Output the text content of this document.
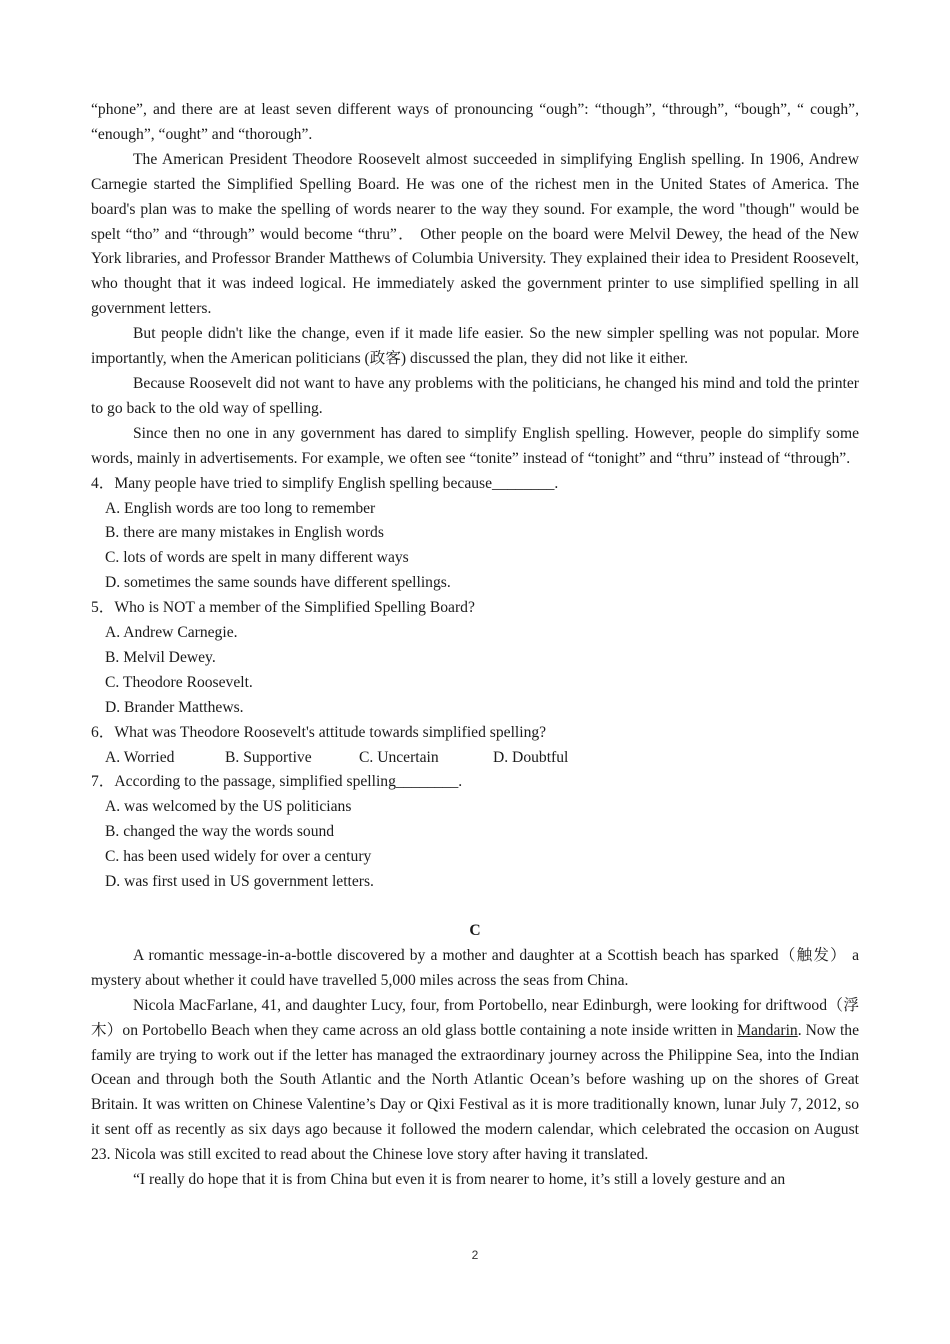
“phone”, and there are at least seven different ways of pronouncing “ough”: “though”, “through”, “bough”, “ cough”, “enough”, “ought” and “thorough”.

The American President Theodore Roosevelt almost succeeded in simplifying English spelling. In 1906, Andrew Carnegie started the Simplified Spelling Board. He was one of the richest men in the United States of America. The board's plan was to make the spelling of words nearer to the way they sound. For example, the word "though" would be spelt “tho” and “through” would become “thru”． Other people on the board were Melvil Dewey, the head of the New York libraries, and Professor Brander Matthews of Columbia University. They explained their idea to President Roosevelt, who thought that it was indeed logical. He immediately asked the government printer to use simplified spelling in all government letters.

But people didn't like the change, even if it made life easier. So the new simpler spelling was not popular. More importantly, when the American politicians (政客) discussed the plan, they did not like it either.

Because Roosevelt did not want to have any problems with the politicians, he changed his mind and told the printer to go back to the old way of spelling.

Since then no one in any government has dared to simplify English spelling. However, people do simplify some words, mainly in advertisements. For example, we often see “tonite” instead of “tonight” and “thru” instead of “through”.

4．Many people have tried to simplify English spelling because________.

A. English words are too long to remember

B. there are many mistakes in English words

C. lots of words are spelt in many different ways

D. sometimes the same sounds have different spellings.

5．Who is NOT a member of the Simplified Spelling Board?

A. Andrew Carnegie.

B. Melvil Dewey.

C. Theodore Roosevelt.

D. Brander Matthews.

6．What was Theodore Roosevelt's attitude towards simplified spelling?

A. Worried	B. Supportive	C. Uncertain	D. Doubtful

7．According to the passage, simplified spelling________.

A. was welcomed by the US politicians

B. changed the way the words sound

C. has been used widely for over a century

D. was first used in US government letters.

C

A romantic message-in-a-bottle discovered by a mother and daughter at a Scottish beach has sparked（触发） a mystery about whether it could have travelled 5,000 miles across the seas from China.

Nicola MacFarlane, 41, and daughter Lucy, four, from Portobello, near Edinburgh, were looking for driftwood（浮木）on Portobello Beach when they came across an old glass bottle containing a note inside written in Mandarin. Now the family are trying to work out if the letter has managed the extraordinary journey across the Philippine Sea, into the Indian Ocean and through both the South Atlantic and the North Atlantic Ocean’s before washing up on the shores of Great Britain. It was written on Chinese Valentine’s Day or Qixi Festival as it is more traditionally known, lunar July 7, 2012, so it sent off as recently as six days ago because it followed the modern calendar, which celebrated the occasion on August 23. Nicola was still excited to read about the Chinese love story after having it translated.

“I really do hope that it is from China but even it is from nearer to home, it’s still a lovely gesture and an

2
